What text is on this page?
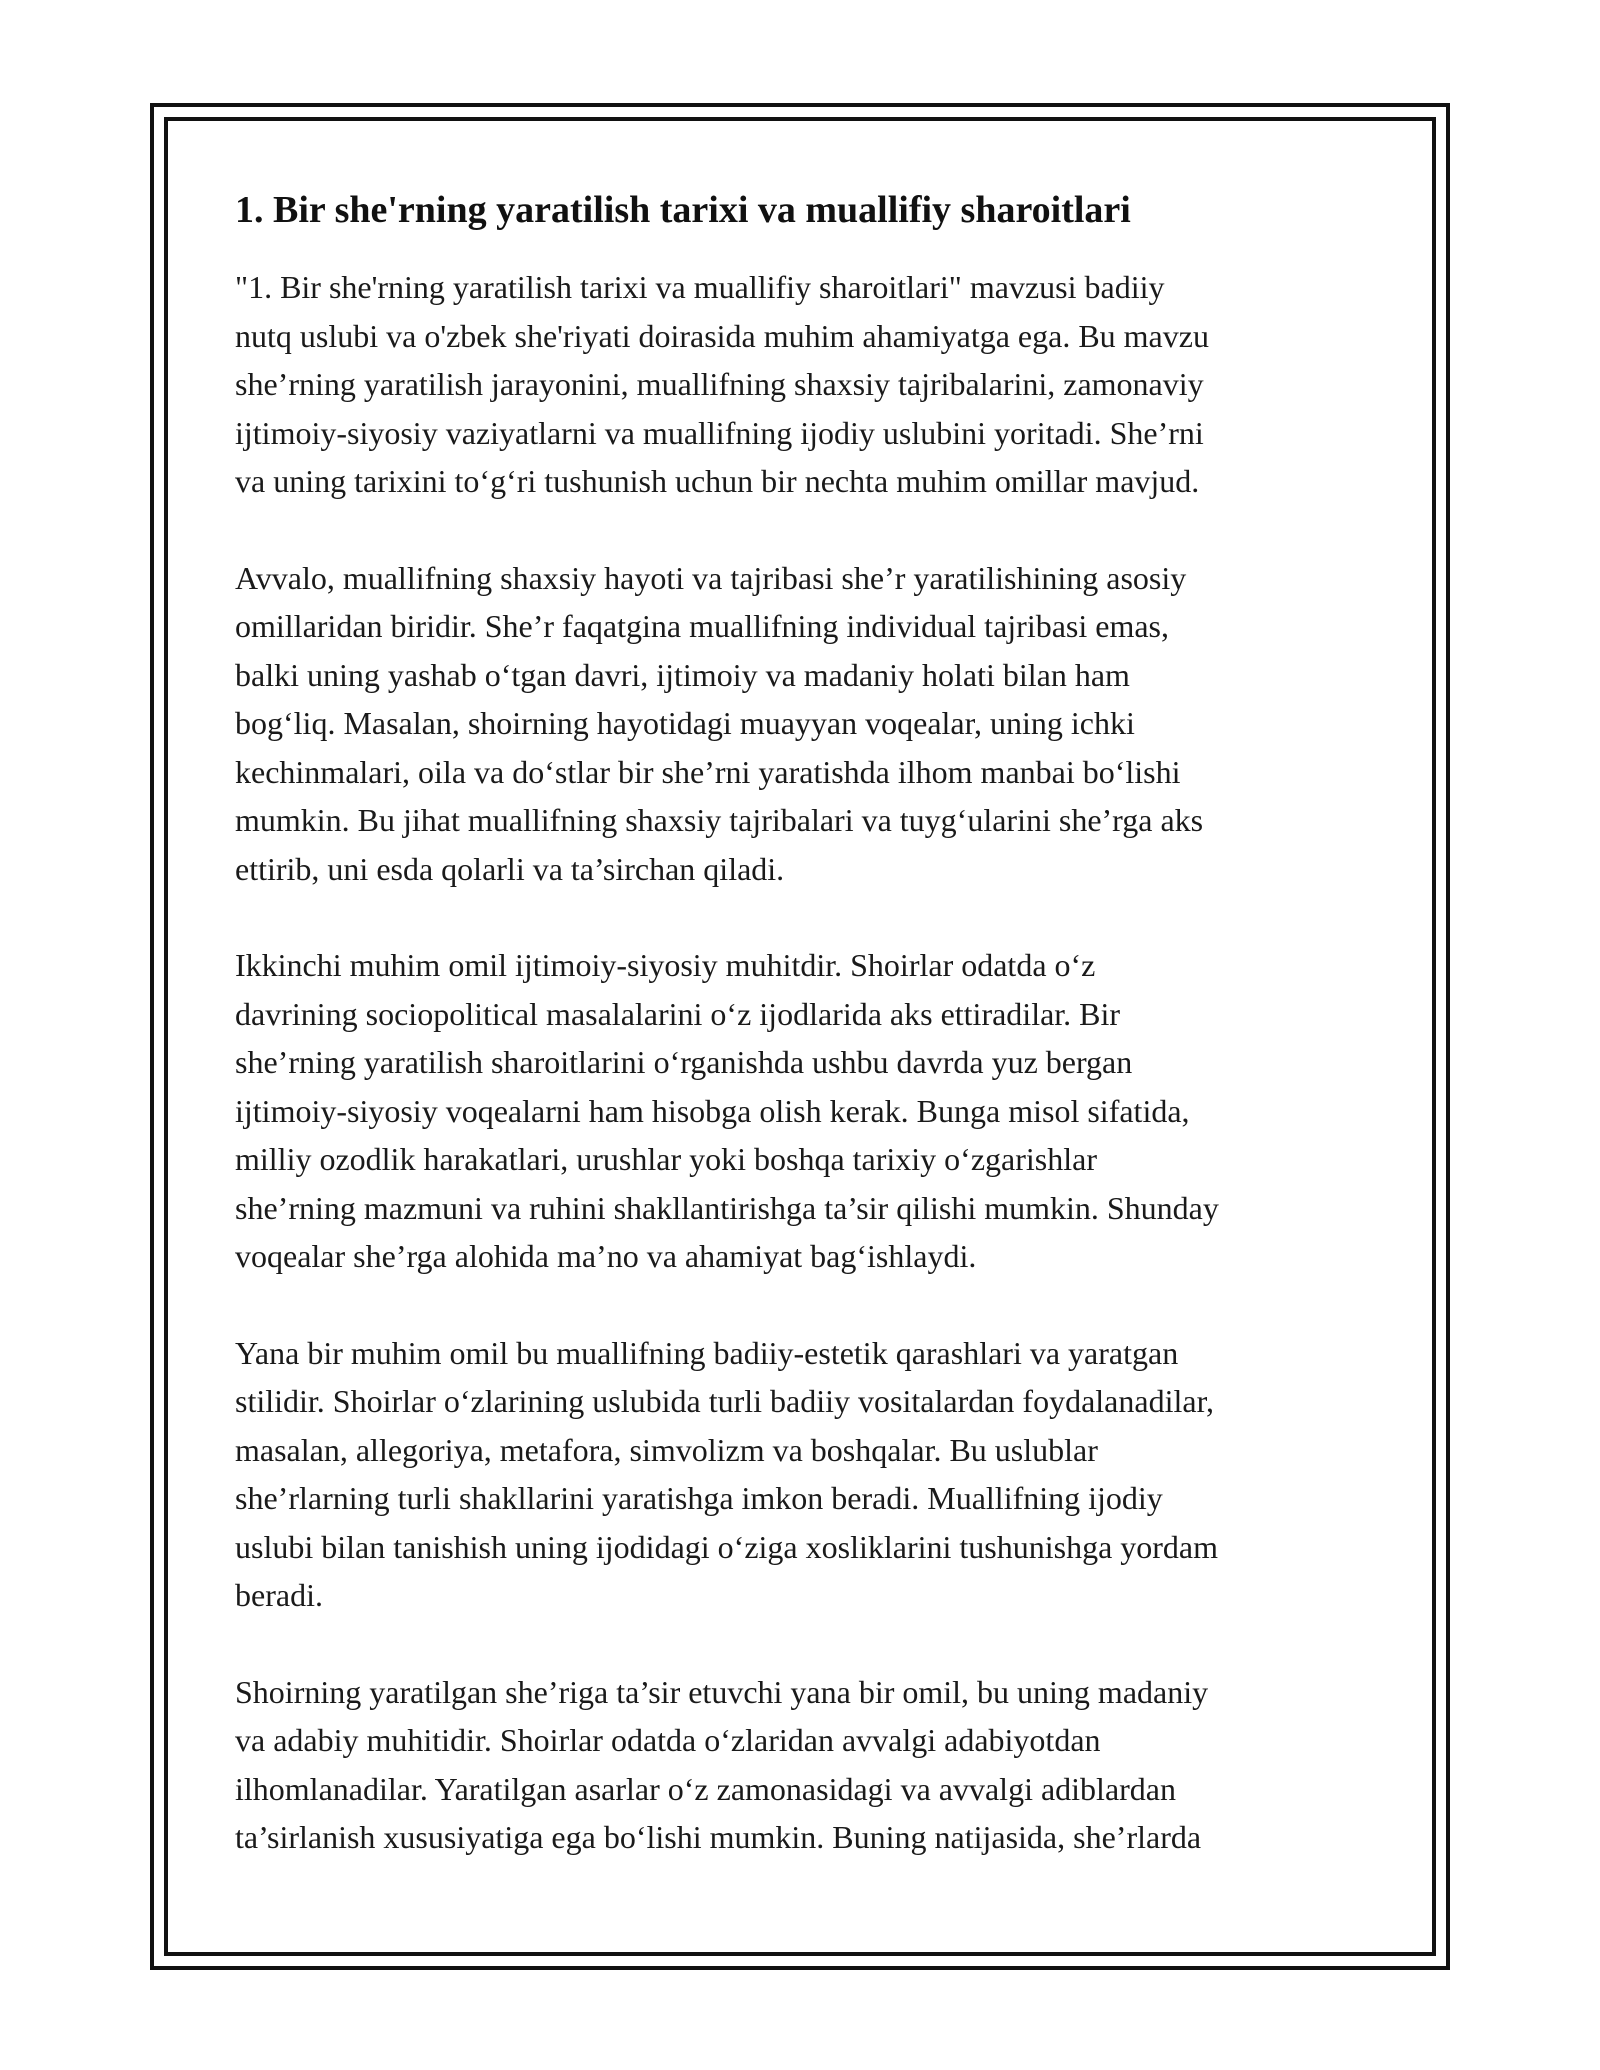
1. Bir she'rning yaratilish tarixi va muallifiy sharoitlari

"1. Bir she'rning yaratilish tarixi va muallifiy sharoitlari" mavzusi badiiy
nutq uslubi va o'zbek she'riyati doirasida muhim ahamiyatga ega. Bu mavzu
she’rning yaratilish jarayonini, muallifning shaxsiy tajribalarini, zamonaviy
ijtimoiy-siyosiy vaziyatlarni va muallifning ijodiy uslubini yoritadi. She’rni
va uning tarixini to‘g‘ri tushunish uchun bir nechta muhim omillar mavjud.

Avvalo, muallifning shaxsiy hayoti va tajribasi she’r yaratilishining asosiy
omillaridan biridir. She’r faqatgina muallifning individual tajribasi emas,
balki uning yashab o‘tgan davri, ijtimoiy va madaniy holati bilan ham
bog‘liq. Masalan, shoirning hayotidagi muayyan voqealar, uning ichki
kechinmalari, oila va do‘stlar bir she’rni yaratishda ilhom manbai bo‘lishi
mumkin. Bu jihat muallifning shaxsiy tajribalari va tuyg‘ularini she’rga aks
ettirib, uni esda qolarli va ta’sirchan qiladi.

Ikkinchi muhim omil ijtimoiy-siyosiy muhitdir. Shoirlar odatda o‘z
davrining sociopolitical masalalarini o‘z ijodlarida aks ettiradilar. Bir
she’rning yaratilish sharoitlarini o‘rganishda ushbu davrda yuz bergan
ijtimoiy-siyosiy voqealarni ham hisobga olish kerak. Bunga misol sifatida,
milliy ozodlik harakatlari, urushlar yoki boshqa tarixiy o‘zgarishlar
she’rning mazmuni va ruhini shakllantirishga ta’sir qilishi mumkin. Shunday
voqealar she’rga alohida ma’no va ahamiyat bag‘ishlaydi.

Yana bir muhim omil bu muallifning badiiy-estetik qarashlari va yaratgan
stilidir. Shoirlar o‘zlarining uslubida turli badiiy vositalardan foydalanadilar,
masalan, allegoriya, metafora, simvolizm va boshqalar. Bu uslublar
she’rlarning turli shakllarini yaratishga imkon beradi. Muallifning ijodiy
uslubi bilan tanishish uning ijodidagi o‘ziga xosliklarini tushunishga yordam
beradi.

Shoirning yaratilgan she’riga ta’sir etuvchi yana bir omil, bu uning madaniy
va adabiy muhitidir. Shoirlar odatda o‘zlaridan avvalgi adabiyotdan
ilhomlanadilar. Yaratilgan asarlar o‘z zamonasidagi va avvalgi adiblardan
ta’sirlanish xususiyatiga ega bo‘lishi mumkin. Buning natijasida, she’rlarda
